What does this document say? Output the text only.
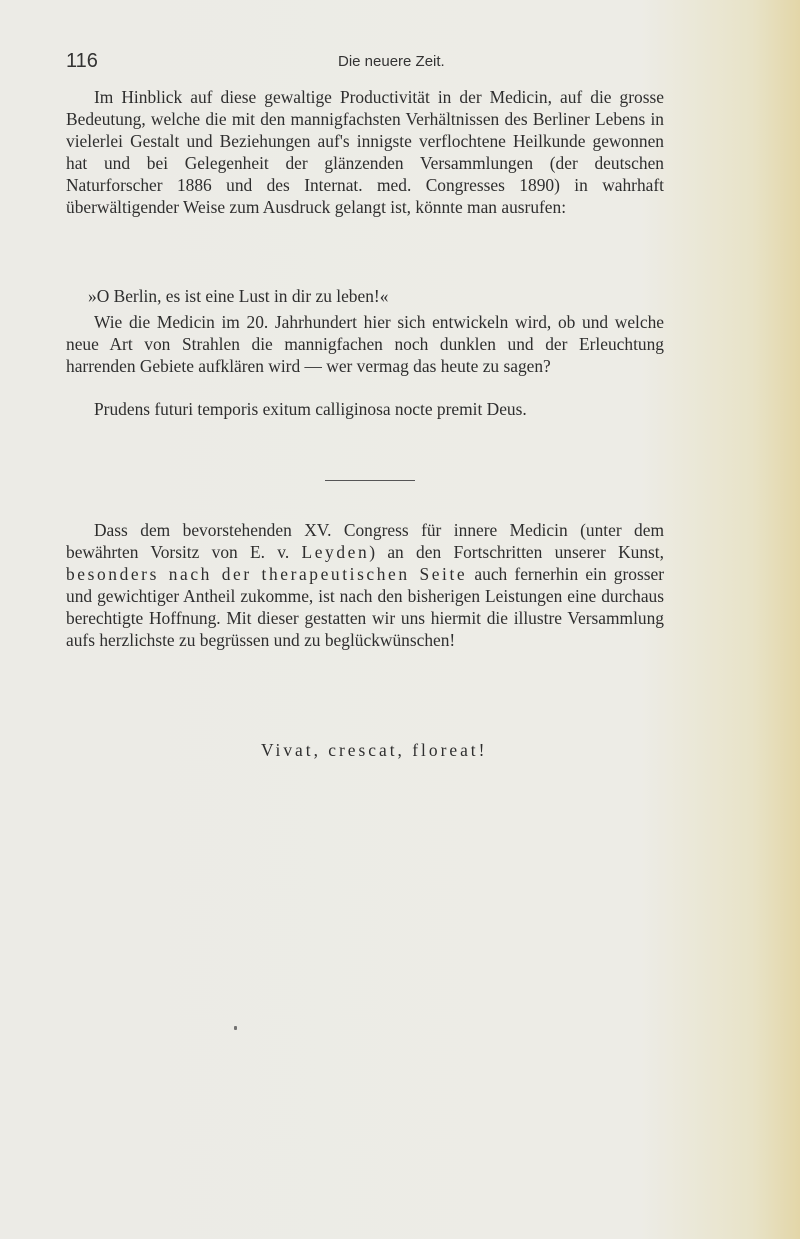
116	Die neuere Zeit.

Im Hinblick auf diese gewaltige Productivität in der Medicin, auf die grosse Bedeutung, welche die mit den mannigfachsten Verhältnissen des Berliner Lebens in vielerlei Gestalt und Beziehungen auf's innigste verflochtene Heilkunde gewonnen hat und bei Gelegenheit der glänzenden Versammlungen (der deutschen Naturforscher 1886 und des Internat. med. Congresses 1890) in wahrhaft überwältigender Weise zum Ausdruck gelangt ist, könnte man ausrufen:

»O Berlin, es ist eine Lust in dir zu leben!«

Wie die Medicin im 20. Jahrhundert hier sich entwickeln wird, ob und welche neue Art von Strahlen die mannigfachen noch dunklen und der Erleuchtung harrenden Gebiete aufklären wird — wer vermag das heute zu sagen?

Prudens futuri temporis exitum calliginosa nocte premit Deus.

Dass dem bevorstehenden XV. Congress für innere Medicin (unter dem bewährten Vorsitz von E. v. Leyden) an den Fortschritten unserer Kunst, besonders nach der therapeutischen Seite auch fernerhin ein grosser und gewichtiger Antheil zukomme, ist nach den bisherigen Leistungen eine durchaus berechtigte Hoffnung. Mit dieser gestatten wir uns hiermit die illustre Versammlung aufs herzlichste zu begrüssen und zu beglückwünschen!

Vivat, crescat, floreat!
